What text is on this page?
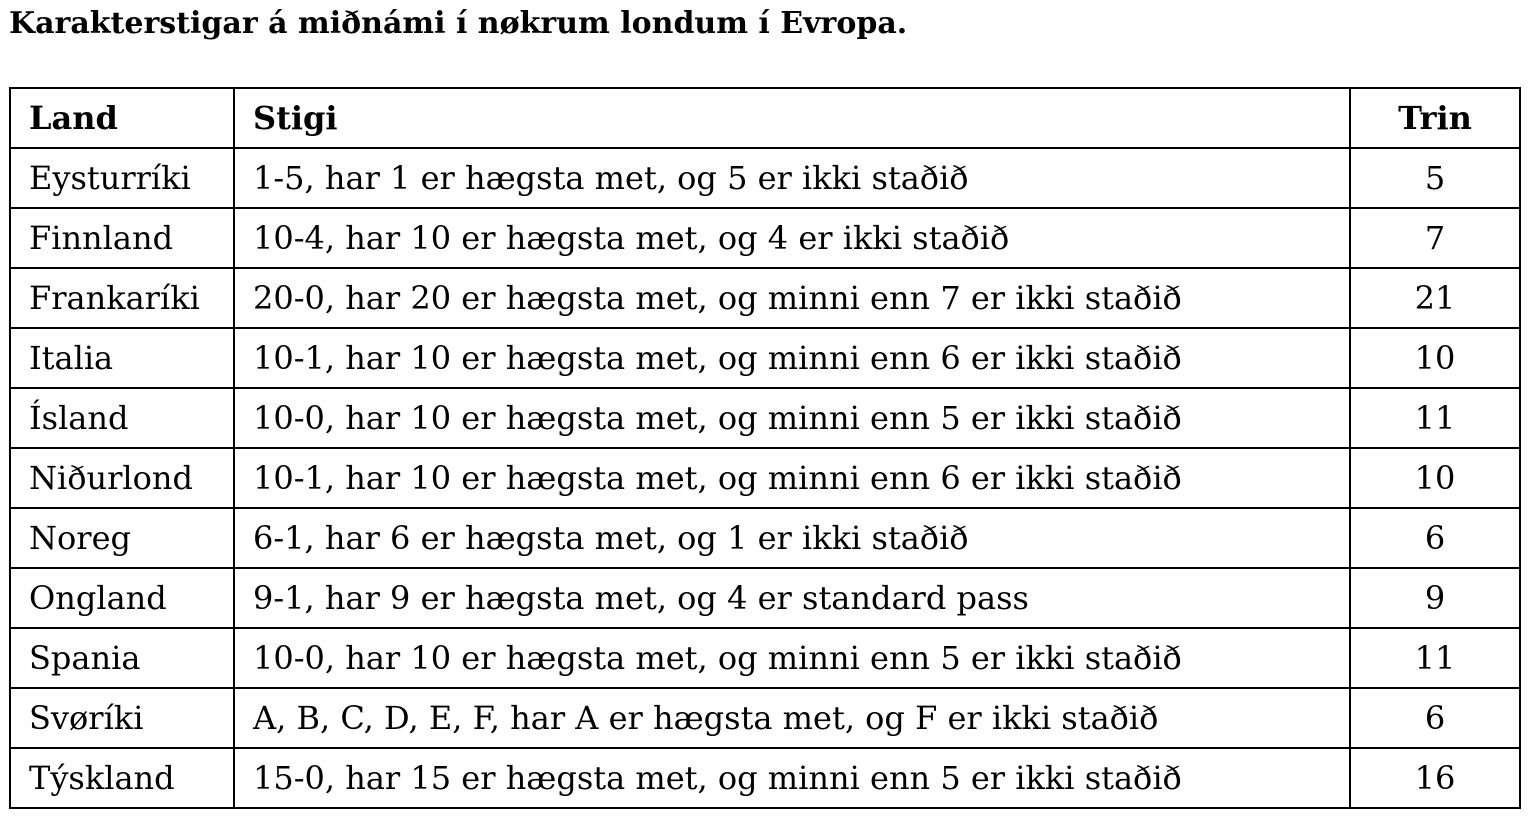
Karakterstigar á miðnámi í nøkrum londum í Evropa.
Land	Stigi	Trin
Eysturríki	1-5, har 1 er hægsta met, og 5 er ikki staðið	5
Finnland	10-4, har 10 er hægsta met, og 4 er ikki staðið	7
Frankaríki	20-0, har 20 er hægsta met, og minni enn 7 er ikki staðið	21
Italia	10-1, har 10 er hægsta met, og minni enn 6 er ikki staðið	10
Ísland	10-0, har 10 er hægsta met, og minni enn 5 er ikki staðið	11
Niðurlond	10-1, har 10 er hægsta met, og minni enn 6 er ikki staðið	10
Noreg	6-1, har 6 er hægsta met, og 1 er ikki staðið	6
Ongland	9-1, har 9 er hægsta met, og 4 er standard pass	9
Spania	10-0, har 10 er hægsta met, og minni enn 5 er ikki staðið	11
Svøríki	A, B, C, D, E, F, har A er hægsta met, og F er ikki staðið	6
Týskland	15-0, har 15 er hægsta met, og minni enn 5 er ikki staðið	16
